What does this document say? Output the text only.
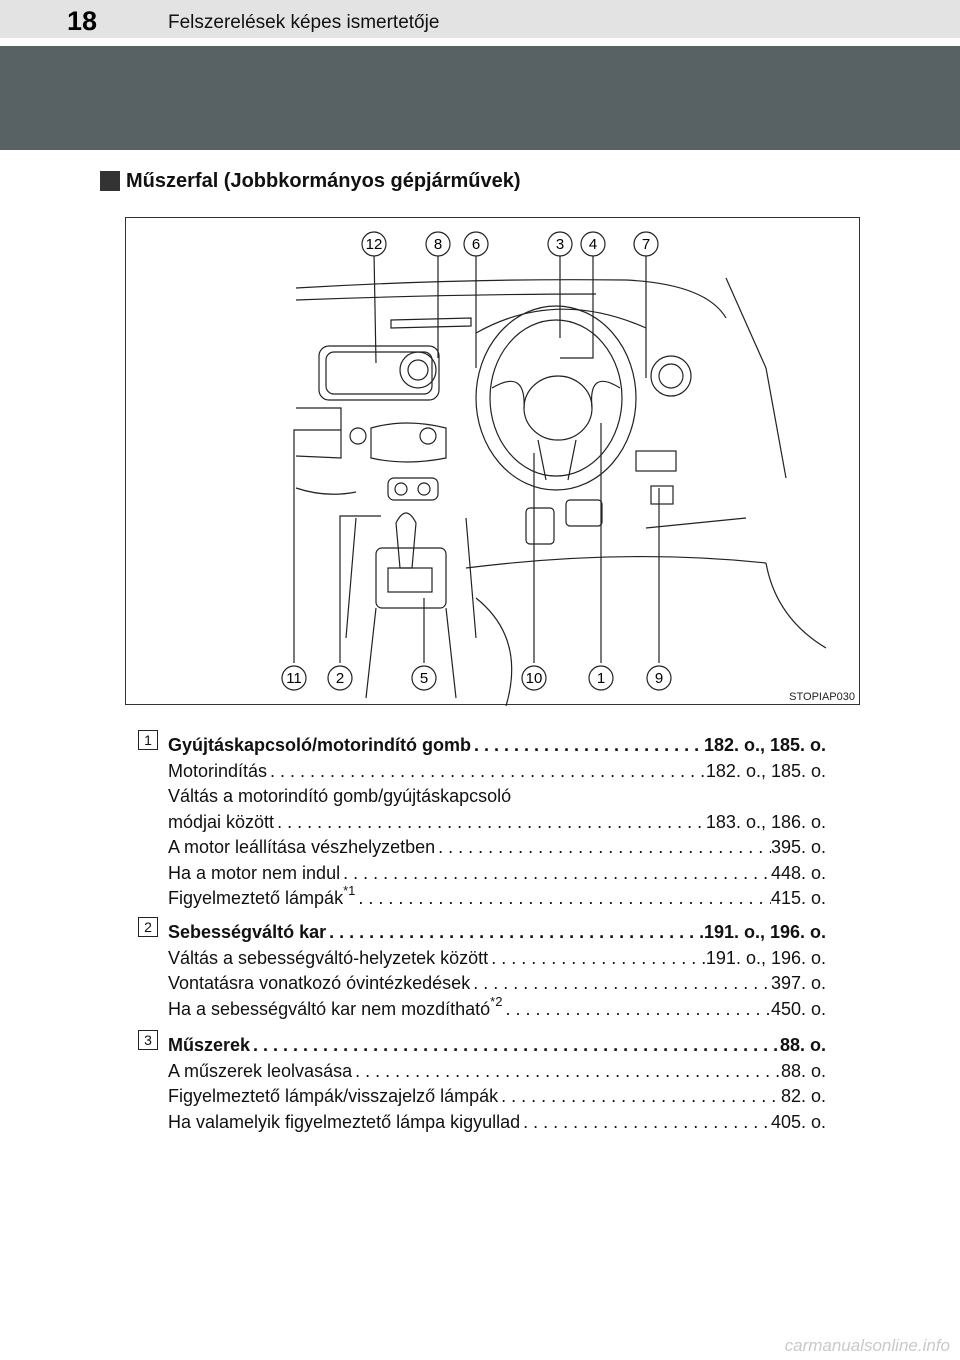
18	Felszerelések képes ismertetője
Műszerfal (Jobbkormányos gépjárművek)
12	8 6	3 4	7
11 2	5	10	1	9
STOPIAP030
1 Gyújtáskapcsoló/motorindító gomb . . .	182. o., 185. o.
Motorindítás . . .	182. o., 185. o.
Váltás a motorindító gomb/gyújtáskapcsoló
módjai között . . .	183. o., 186. o.
A motor leállítása vészhelyzetben . . .	395. o.
Ha a motor nem indul . . .	448. o.
Figyelmeztető lámpák$^{*1}$ . . .	415. o.
2 Sebességváltó kar . . .	191. o., 196. o.
Váltás a sebességváltó-helyzetek között . . .	191. o., 196. o.
Vontatásra vonatkozó óvintézkedések . . .	397. o.
Ha a sebességváltó kar nem mozdítható$^{*2}$ . . .	450. o.
3 Műszerek . . .	88. o.
A műszerek leolvasása . . .	88. o.
Figyelmeztető lámpák/visszajelző lámpák . . .	82. o.
Ha valamelyik figyelmeztető lámpa kigyullad . . .	405. o.
carmanualsonline.info
